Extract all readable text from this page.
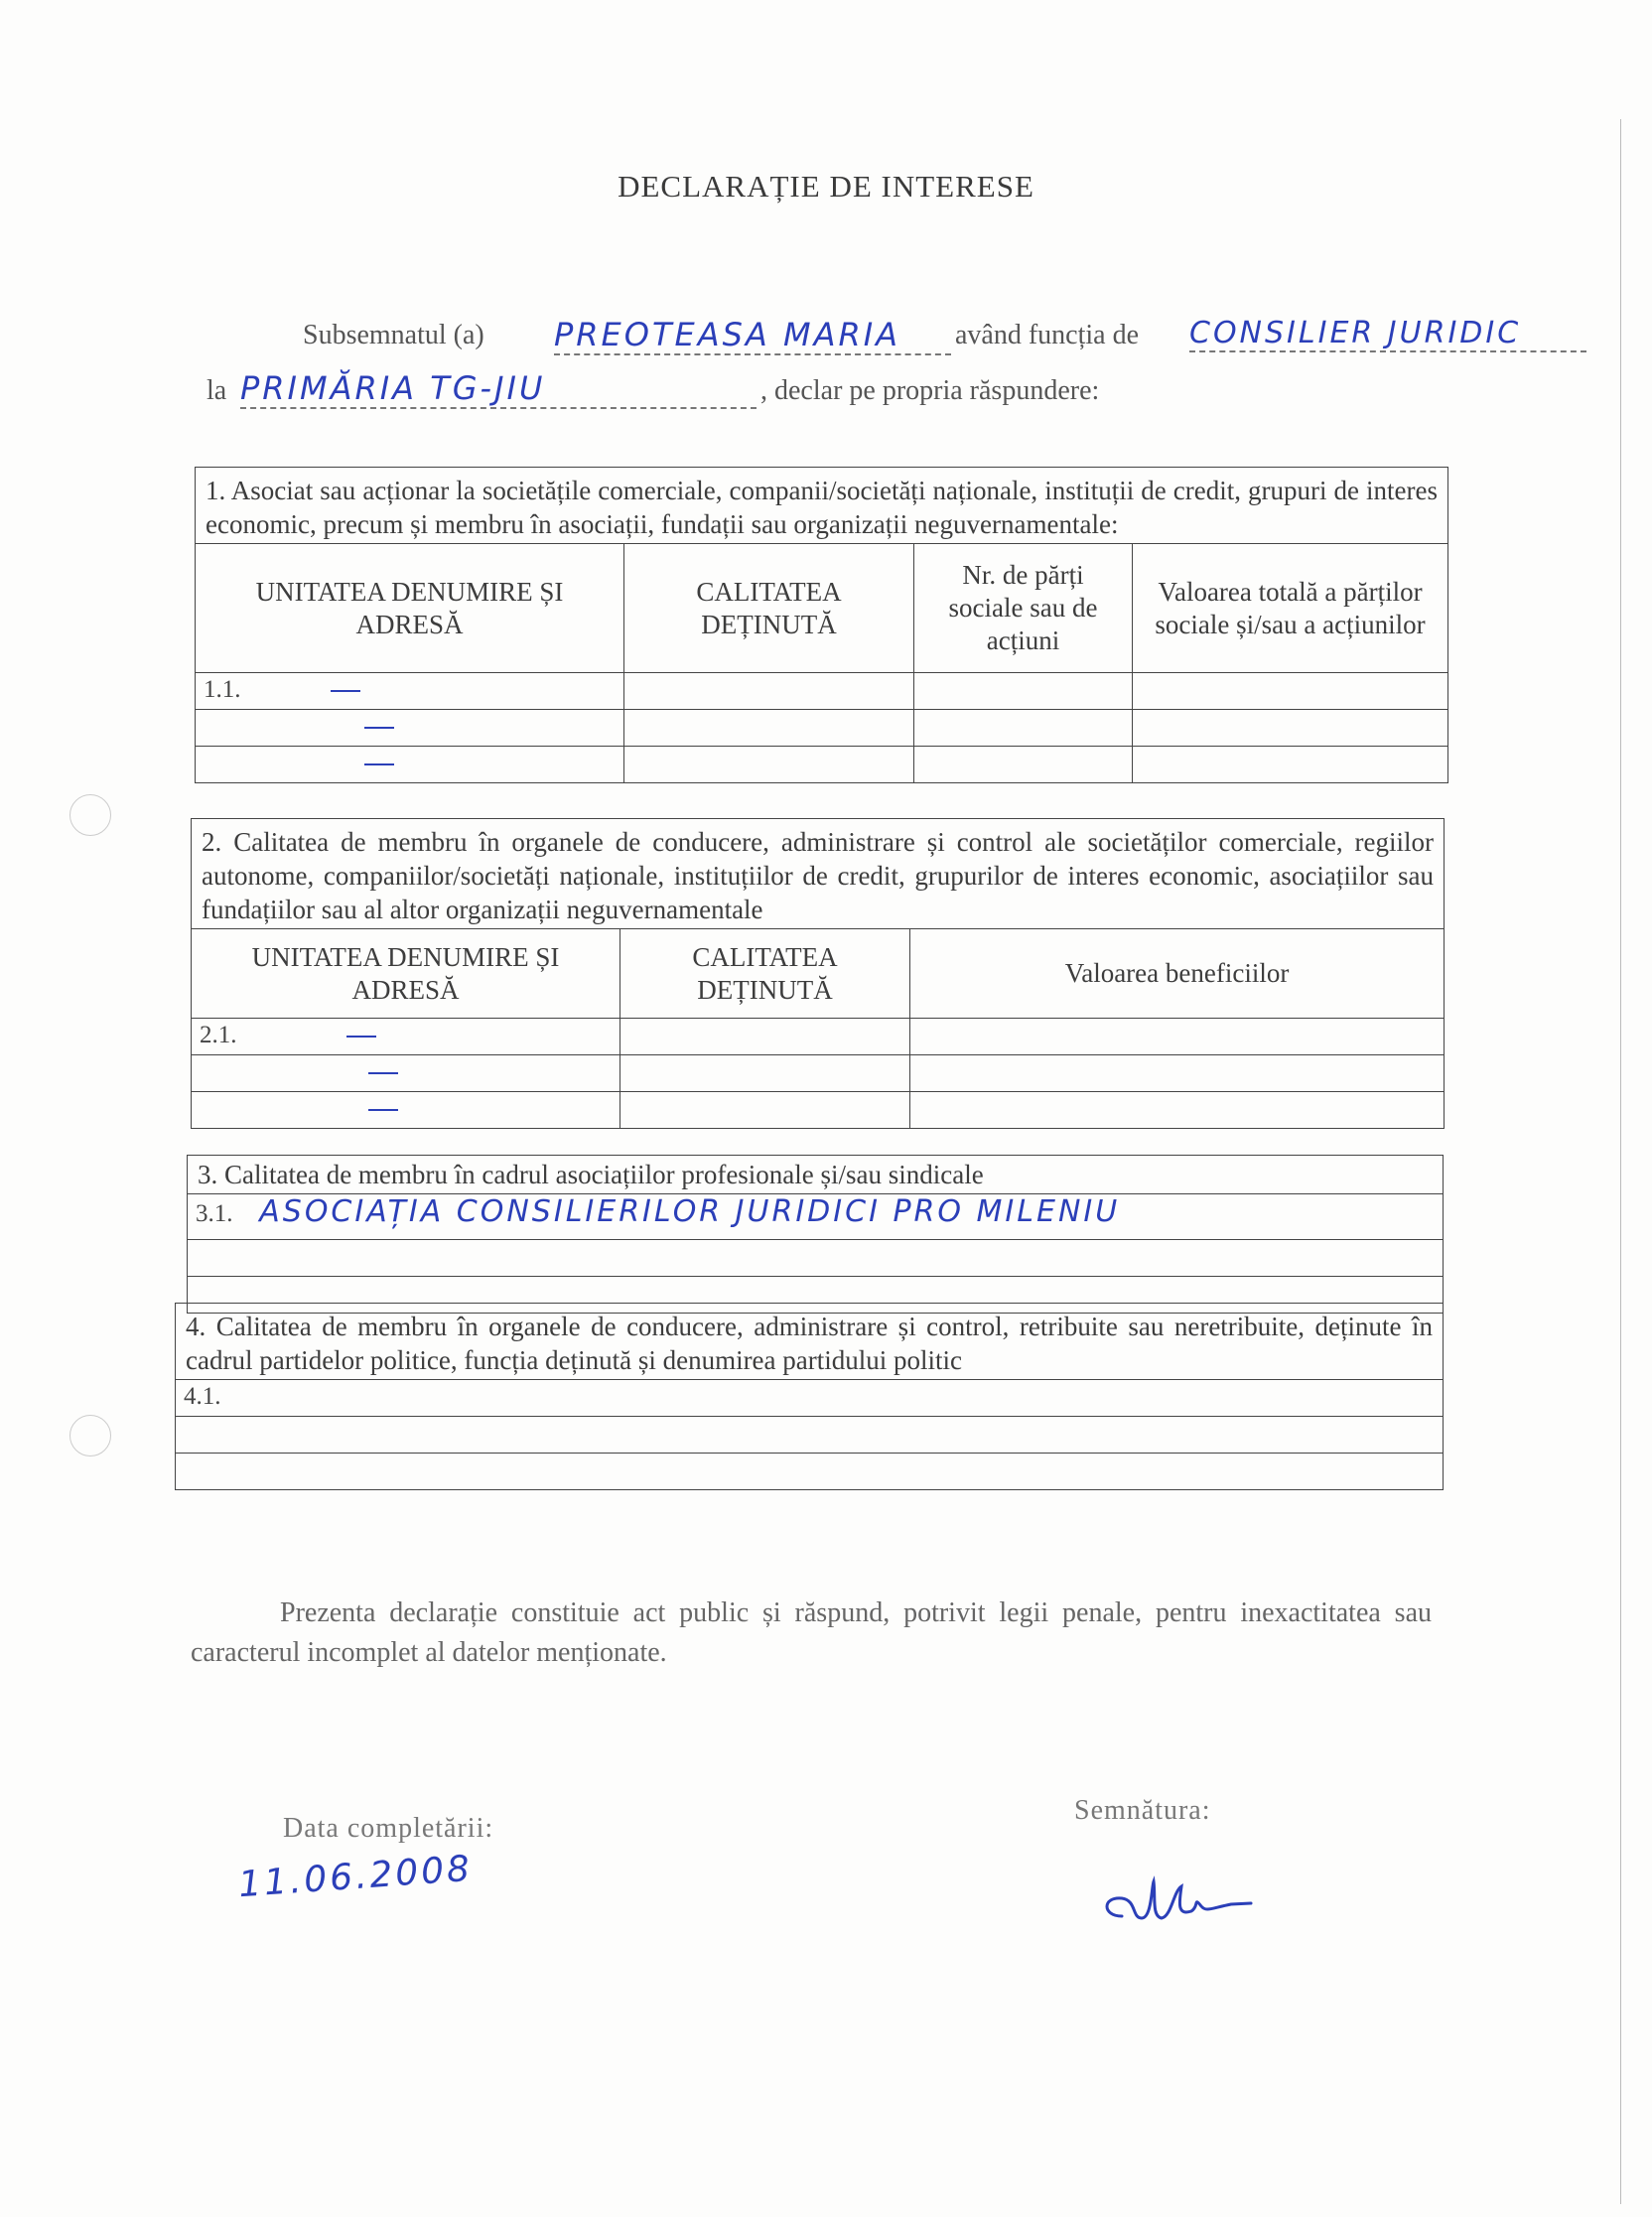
DECLARAȚIE DE INTERESE
Subsemnatul (a) PREOTEASA MARIA	având funcția de CONSILIER JURIDIC
la PRIMĂRIA TG-JIU	, declar pe propria răspundere:
1. Asociat sau acționar la societățile comerciale, companii/societăți naționale, instituții de credit, grupuri de interes economic, precum și membru în asociații, fundații sau organizații neguvernamentale:			
UNITATEA DENUMIRE ȘI ADRESĂ	CALITATEA DEȚINUTĂ	Nr. de părți sociale sau de acțiuni	Valoarea totală a părților sociale și/sau a acțiunilor
1.1.			

2. Calitatea de membru în organele de conducere, administrare și control ale societăților comerciale, regiilor autonome, companiilor/societăți naționale, instituțiilor de credit, grupurilor de interes economic, asociațiilor sau fundațiilor sau al altor organizații neguvernamentale		
UNITATEA DENUMIRE ȘI ADRESĂ	CALITATEA DEȚINUTĂ	Valoarea beneficiilor
2.1.		

3. Calitatea de membru în cadrul asociațiilor profesionale și/sau sindicale
3.1. ASOCIAȚIA CONSILIERILOR JURIDICI PRO MILENIU

4. Calitatea de membru în organele de conducere, administrare și control, retribuite sau neretribuite, deținute în cadrul partidelor politice, funcția deținută și denumirea partidului politic
4.1.

Prezenta declarație constituie act public și răspund, potrivit legii penale, pentru inexactitatea sau caracterul incomplet al datelor menționate.
Data completării:
11.06.2008
Semnătura:
